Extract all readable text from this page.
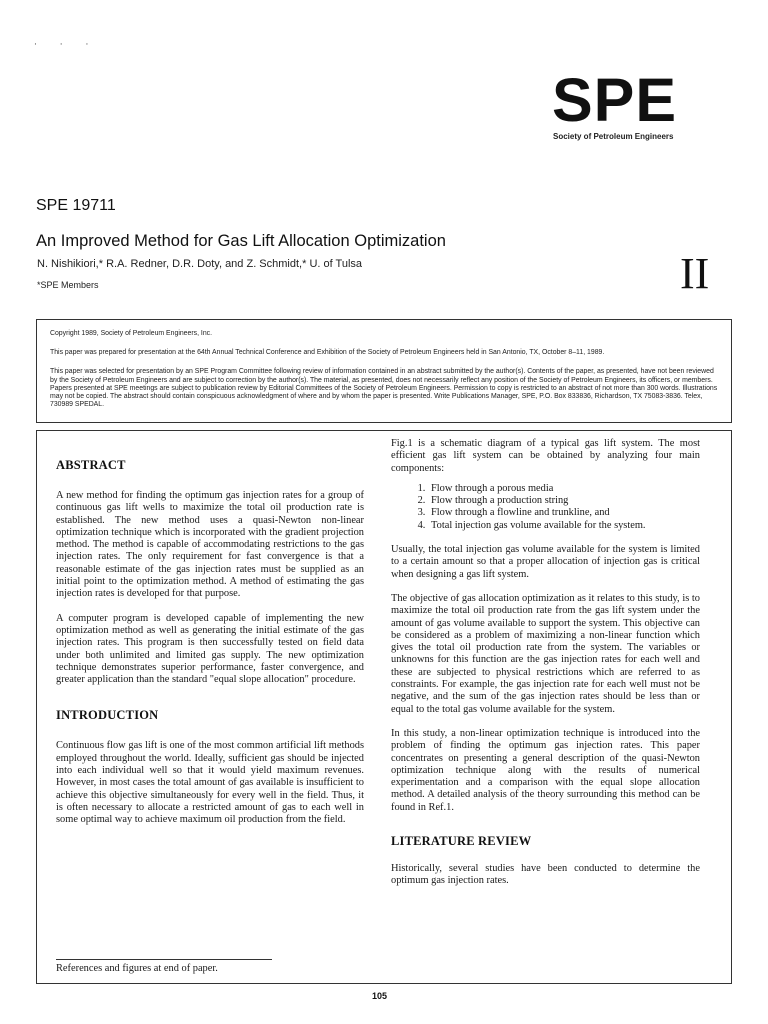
· · ·
SPE
Society of Petroleum Engineers
SPE 19711
An Improved Method for Gas Lift Allocation Optimization
N. Nishikiori,* R.A. Redner, D.R. Doty, and Z. Schmidt,* U. of Tulsa
*SPE Members	II

Copyright 1989, Society of Petroleum Engineers, Inc.

This paper was prepared for presentation at the 64th Annual Technical Conference and Exhibition of the Society of Petroleum Engineers held in San Antonio, TX, October 8–11, 1989.

This paper was selected for presentation by an SPE Program Committee following review of information contained in an abstract submitted by the author(s). Contents of the paper, as presented, have not been reviewed by the Society of Petroleum Engineers and are subject to correction by the author(s). The material, as presented, does not necessarily reflect any position of the Society of Petroleum Engineers, its officers, or members. Papers presented at SPE meetings are subject to publication review by Editorial Committees of the Society of Petroleum Engineers. Permission to copy is restricted to an abstract of not more than 300 words. Illustrations may not be copied. The abstract should contain conspicuous acknowledgment of where and by whom the paper is presented. Write Publications Manager, SPE, P.O. Box 833836, Richardson, TX 75083-3836. Telex, 730989 SPEDAL.

ABSTRACT

A new method for finding the optimum gas injection rates for a group of continuous gas lift wells to maximize the total oil production rate is established. The new method uses a quasi-Newton non-linear optimization technique which is incorporated with the gradient projection method. The method is capable of accommodating restrictions to the gas injection rates. The only requirement for fast convergence is that a reasonable estimate of the gas injection rates must be supplied as an initial point to the optimization method. A method of estimating the gas injection rates is developed for that purpose.

A computer program is developed capable of implementing the new optimization method as well as generating the initial estimate of the gas injection rates. This program is then successfully tested on field data under both unlimited and limited gas supply. The new optimization technique demonstrates superior performance, faster convergence, and greater application than the standard "equal slope allocation" procedure.

INTRODUCTION

Continuous flow gas lift is one of the most common artificial lift methods employed throughout the world. Ideally, sufficient gas should be injected into each individual well so that it would yield maximum revenues. However, in most cases the total amount of gas available is insufficient to achieve this objective simultaneously for every well in the field. Thus, it is often necessary to allocate a restricted amount of gas to each well in some optimal way to achieve maximum oil production from the field.

References and figures at end of paper.

Fig.1 is a schematic diagram of a typical gas lift system. The most efficient gas lift system can be obtained by analyzing four main components:

1. Flow through a porous media
2. Flow through a production string
3. Flow through a flowline and trunkline, and
4. Total injection gas volume available for the system.

Usually, the total injection gas volume available for the system is limited to a certain amount so that a proper allocation of injection gas is critical when designing a gas lift system.

The objective of gas allocation optimization as it relates to this study, is to maximize the total oil production rate from the gas lift system under the amount of gas volume available to support the system. This objective can be considered as a problem of maximizing a non-linear function which gives the total oil production rate from the system. The variables or unknowns for this function are the gas injection rates for each well and these are subjected to physical restrictions which are referred to as constraints. For example, the gas injection rate for each well must not be negative, and the sum of the gas injection rates should be less than or equal to the total gas volume available for the system.

In this study, a non-linear optimization technique is introduced into the problem of finding the optimum gas injection rates. This paper concentrates on presenting a general description of the quasi-Newton optimization technique along with the results of numerical experimentation and a comparison with the equal slope allocation method. A detailed analysis of the theory surrounding this method can be found in Ref.1.

LITERATURE REVIEW

Historically, several studies have been conducted to determine the optimum gas injection rates.

105
